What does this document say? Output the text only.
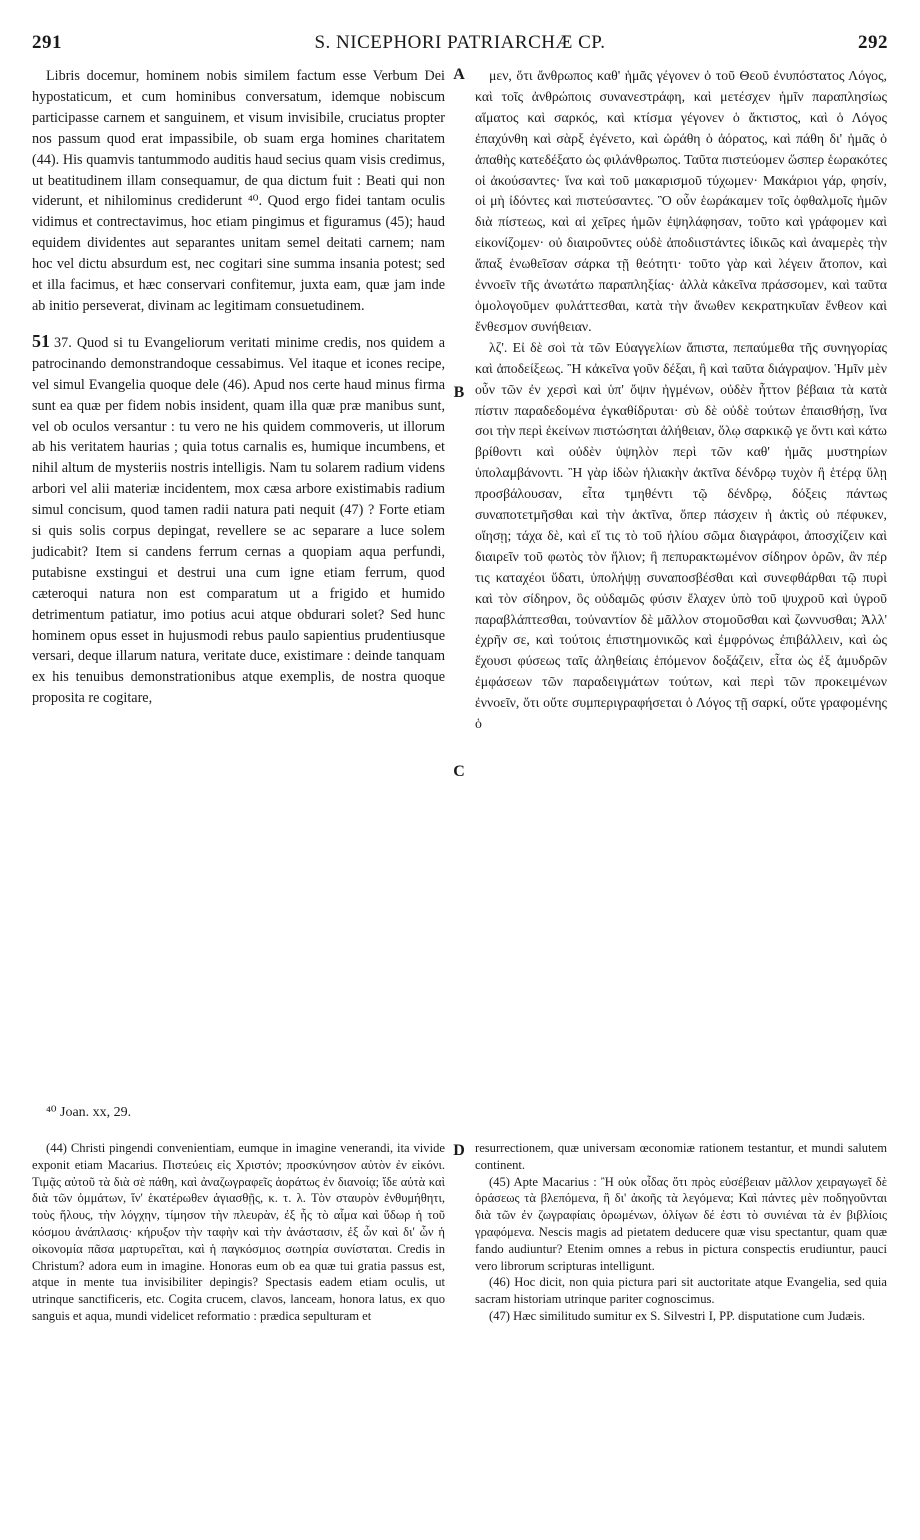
291	S. NICEPHORI PATRIARCHÆ CP.	292

Libris docemur, hominem nobis similem factum esse Verbum Dei hypostaticum, et cum hominibus conversatum, idemque nobiscum participasse carnem et sanguinem, et visum invisibile, cruciatus propter nos passum quod erat impassibile, ob suam erga homines charitatem (44). His quamvis tantummodo auditis haud secius quam visis credimus, ut beatitudinem illam consequamur, de qua dictum fuit : Beati qui non viderunt, et nihilominus crediderunt ⁴⁰. Quod ergo fidei tantam oculis vidimus et contrectavimus, hoc etiam pingimus et figuramus (45); haud equidem dividentes aut separantes unitam semel deitati carnem; nam hoc vel dictu absurdum est, nec cogitari sine summa insania potest; sed et illa facimus, et hæc conservari confitemur, juxta eam, quæ jam inde ab initio perseverat, divinam ac legitimam consuetudinem.

51 37. Quod si tu Evangeliorum veritati minime credis, nos quidem a patrocinando demonstrandoque cessabimus. Vel itaque et icones recipe, vel simul Evangelia quoque dele (46). Apud nos certe haud minus firma sunt ea quæ per fidem nobis insident, quam illa quæ præ manibus sunt, vel ob oculos versantur : tu vero ne his quidem commoveris, ut illorum ab his veritatem haurias ; quia totus carnalis es, humique incumbens, et nihil altum de mysteriis nostris intelligis. Nam tu solarem radium videns arbori vel alii materiæ incidentem, mox cæsa arbore existimabis radium simul concisum, quod tamen radii natura pati nequit (47) ? Forte etiam si quis solis corpus depingat, revellere se ac separare a luce solem judicabit? Item si candens ferrum cernas a quopiam aqua perfundi, putabisne exstingui et destrui una cum igne etiam ferrum, quod cæteroqui natura non est comparatum ut a frigido et humido detrimentum patiatur, imo potius acui atque obdurari solet? Sed hunc hominem opus esset in hujusmodi rebus paulo sapientius prudentiusque versari, deque illarum natura, veritate duce, existimare : deinde tanquam ex his tenuibus demonstrationibus atque exemplis, de nostra quoque proposita re cogitare,

A
B
C
D

μεν, ὅτι ἄνθρωπος καθ' ἡμᾶς γέγονεν ὁ τοῦ Θεοῦ ἐνυπόστατος Λόγος, καὶ τοῖς ἀνθρώποις συνανεστράφη, καὶ μετέσχεν ἡμῖν παραπλησίως αἵματος καὶ σαρκός, καὶ κτίσμα γέγονεν ὁ ἄκτιστος, καὶ ὁ Λόγος ἐπαχύνθη καὶ σὰρξ ἐγένετο, καὶ ὡράθη ὁ ἀόρατος, καὶ πάθη δι' ἡμᾶς ὁ ἀπαθὴς κατεδέξατο ὡς φιλάνθρωπος. Ταῦτα πιστεύομεν ὥσπερ ἑωρακότες οἱ ἀκούσαντες· ἵνα καὶ τοῦ μακαρισμοῦ τύχωμεν· Μακάριοι γάρ, φησίν, οἱ μὴ ἰδόντες καὶ πιστεύσαντες. Ὃ οὖν ἑωράκαμεν τοῖς ὀφθαλμοῖς ἡμῶν διὰ πίστεως, καὶ αἱ χεῖρες ἡμῶν ἐψηλάφησαν, τοῦτο καὶ γράφομεν καὶ εἰκονίζομεν· οὐ διαιροῦντες οὐδὲ ἀποδιιστάντες ἰδικῶς καὶ ἀναμερὲς τὴν ἅπαξ ἑνωθεῖσαν σάρκα τῇ θεότητι· τοῦτο γὰρ καὶ λέγειν ἄτοπον, καὶ ἐννοεῖν τῆς ἀνωτάτω παραπληξίας· ἀλλὰ κἀκεῖνα πράσσομεν, καὶ ταῦτα ὁμολογοῦμεν φυλάττεσθαι, κατὰ τὴν ἄνωθεν κεκρατηκυῖαν ἔνθεον καὶ ἔνθεσμον συνήθειαν.

λζ'. Εἰ δὲ σοὶ τὰ τῶν Εὐαγγελίων ἄπιστα, πεπαύμεθα τῆς συνηγορίας καὶ ἀποδείξεως. Ἢ κἀκεῖνα γοῦν δέξαι, ἢ καὶ ταῦτα διάγραψον. Ἡμῖν μὲν οὖν τῶν ἐν χερσὶ καὶ ὑπ' ὄψιν ἠγμένων, οὐδὲν ἧττον βέβαια τὰ κατὰ πίστιν παραδεδομένα ἐγκαθίδρυται· σὺ δὲ οὐδὲ τούτων ἐπαισθήσῃ, ἵνα σοι τὴν περὶ ἐκείνων πιστώσηται ἀλήθειαν, ὅλῳ σαρκικῷ γε ὄντι καὶ κάτω βρίθοντι καὶ οὐδὲν ὑψηλὸν περὶ τῶν καθ' ἡμᾶς μυστηρίων ὑπολαμβάνοντι. Ἢ γὰρ ἰδὼν ἡλιακὴν ἀκτῖνα δένδρῳ τυχὸν ἢ ἑτέρᾳ ὕλῃ προσβάλουσαν, εἶτα τμηθέντι τῷ δένδρῳ, δόξεις πάντως συναποτετμῆσθαι καὶ τὴν ἀκτῖνα, ὅπερ πάσχειν ἡ ἀκτὶς οὐ πέφυκεν, οἴησῃ; τάχα δὲ, καὶ εἴ τις τὸ τοῦ ἡλίου σῶμα διαγράφοι, ἀποσχίζειν καὶ διαιρεῖν τοῦ φωτὸς τὸν ἥλιον; ἢ πεπυρακτωμένον σίδηρον ὁρῶν, ἂν πέρ τις καταχέοι ὕδατι, ὑπολήψῃ συναποσβέσθαι καὶ συνεφθάρθαι τῷ πυρὶ καὶ τὸν σίδηρον, ὃς οὐδαμῶς φύσιν ἔλαχεν ὑπὸ τοῦ ψυχροῦ καὶ ὑγροῦ παραβλάπτεσθαι, τοὐναντίον δὲ μᾶλλον στομοῦσθαι καὶ ζωννυσθαι; Ἀλλ' ἐχρῆν σε, καὶ τούτοις ἐπιστημονικῶς καὶ ἐμφρόνως ἐπιβάλλειν, καὶ ὡς ἔχουσι φύσεως ταῖς ἀληθείαις ἑπόμενον δοξάζειν, εἶτα ὡς ἐξ ἀμυδρῶν ἐμφάσεων τῶν παραδειγμάτων τούτων, καὶ περὶ τῶν προκειμένων ἐννοεῖν, ὅτι οὔτε συμπεριγραφήσεται ὁ Λόγος τῇ σαρκί, οὔτε γραφομένης ὁ

⁴⁰ Joan. xx, 29.

(44) Christi pingendi convenientiam, eumque in imagine venerandi, ita vivide exponit etiam Macarius. Πιστεύεις εἰς Χριστόν; προσκύνησον αὐτὸν ἐν εἰκόνι. Τιμᾷς αὐτοῦ τὰ διὰ σὲ πάθη, καὶ ἀναζωγραφεῖς ἀοράτως ἐν διανοίᾳ; ἴδε αὐτὰ καὶ διὰ τῶν ὀμμάτων, ἵν' ἑκατέρωθεν ἁγιασθῇς, κ. τ. λ. Τὸν σταυρὸν ἐνθυμήθητι, τοὺς ἥλους, τὴν λόγχην, τίμησον τὴν πλευρὰν, ἐξ ἧς τὸ αἷμα καὶ ὕδωρ ἡ τοῦ κόσμου ἀνάπλασις· κήρυξον τὴν ταφὴν καὶ τὴν ἀνάστασιν, ἐξ ὧν καὶ δι' ὧν ἡ οἰκονομία πᾶσα μαρτυρεῖται, καὶ ἡ παγκόσμιος σωτηρία συνίσταται. Credis in Christum? adora eum in imagine. Honoras eum ob ea quæ tui gratia passus est, atque in mente tua invisibiliter depingis? Spectasis eadem etiam oculis, ut utrinque sanctificeris, etc. Cogita crucem, clavos, lanceam, honora latus, ex quo sanguis et aqua, mundi videlicet reformatio : prædica sepulturam et

resurrectionem, quæ universam œconomiæ rationem testantur, et mundi salutem continent.

(45) Apte Macarius : Ἢ οὐκ οἶδας ὅτι πρὸς εὐσέβειαν μᾶλλον χειραγωγεῖ δὲ ὁράσεως τὰ βλεπόμενα, ἢ δι' ἀκοῆς τὰ λεγόμενα; Καὶ πάντες μὲν ποδηγοῦνται διὰ τῶν ἐν ζωγραφίαις ὁρωμένων, ὀλίγων δέ ἐστι τὸ συνιέναι τὰ ἐν βιβλίοις γραφόμενα. Nescis magis ad pietatem deducere quæ visu spectantur, quam quæ fando audiuntur? Etenim omnes a rebus in pictura conspectis erudiuntur, pauci vero librorum scripturas intelligunt.

(46) Hoc dicit, non quia pictura pari sit auctoritate atque Evangelia, sed quia sacram historiam utrinque pariter cognoscimus.

(47) Hæc similitudo sumitur ex S. Silvestri I, PP. disputatione cum Judæis.
